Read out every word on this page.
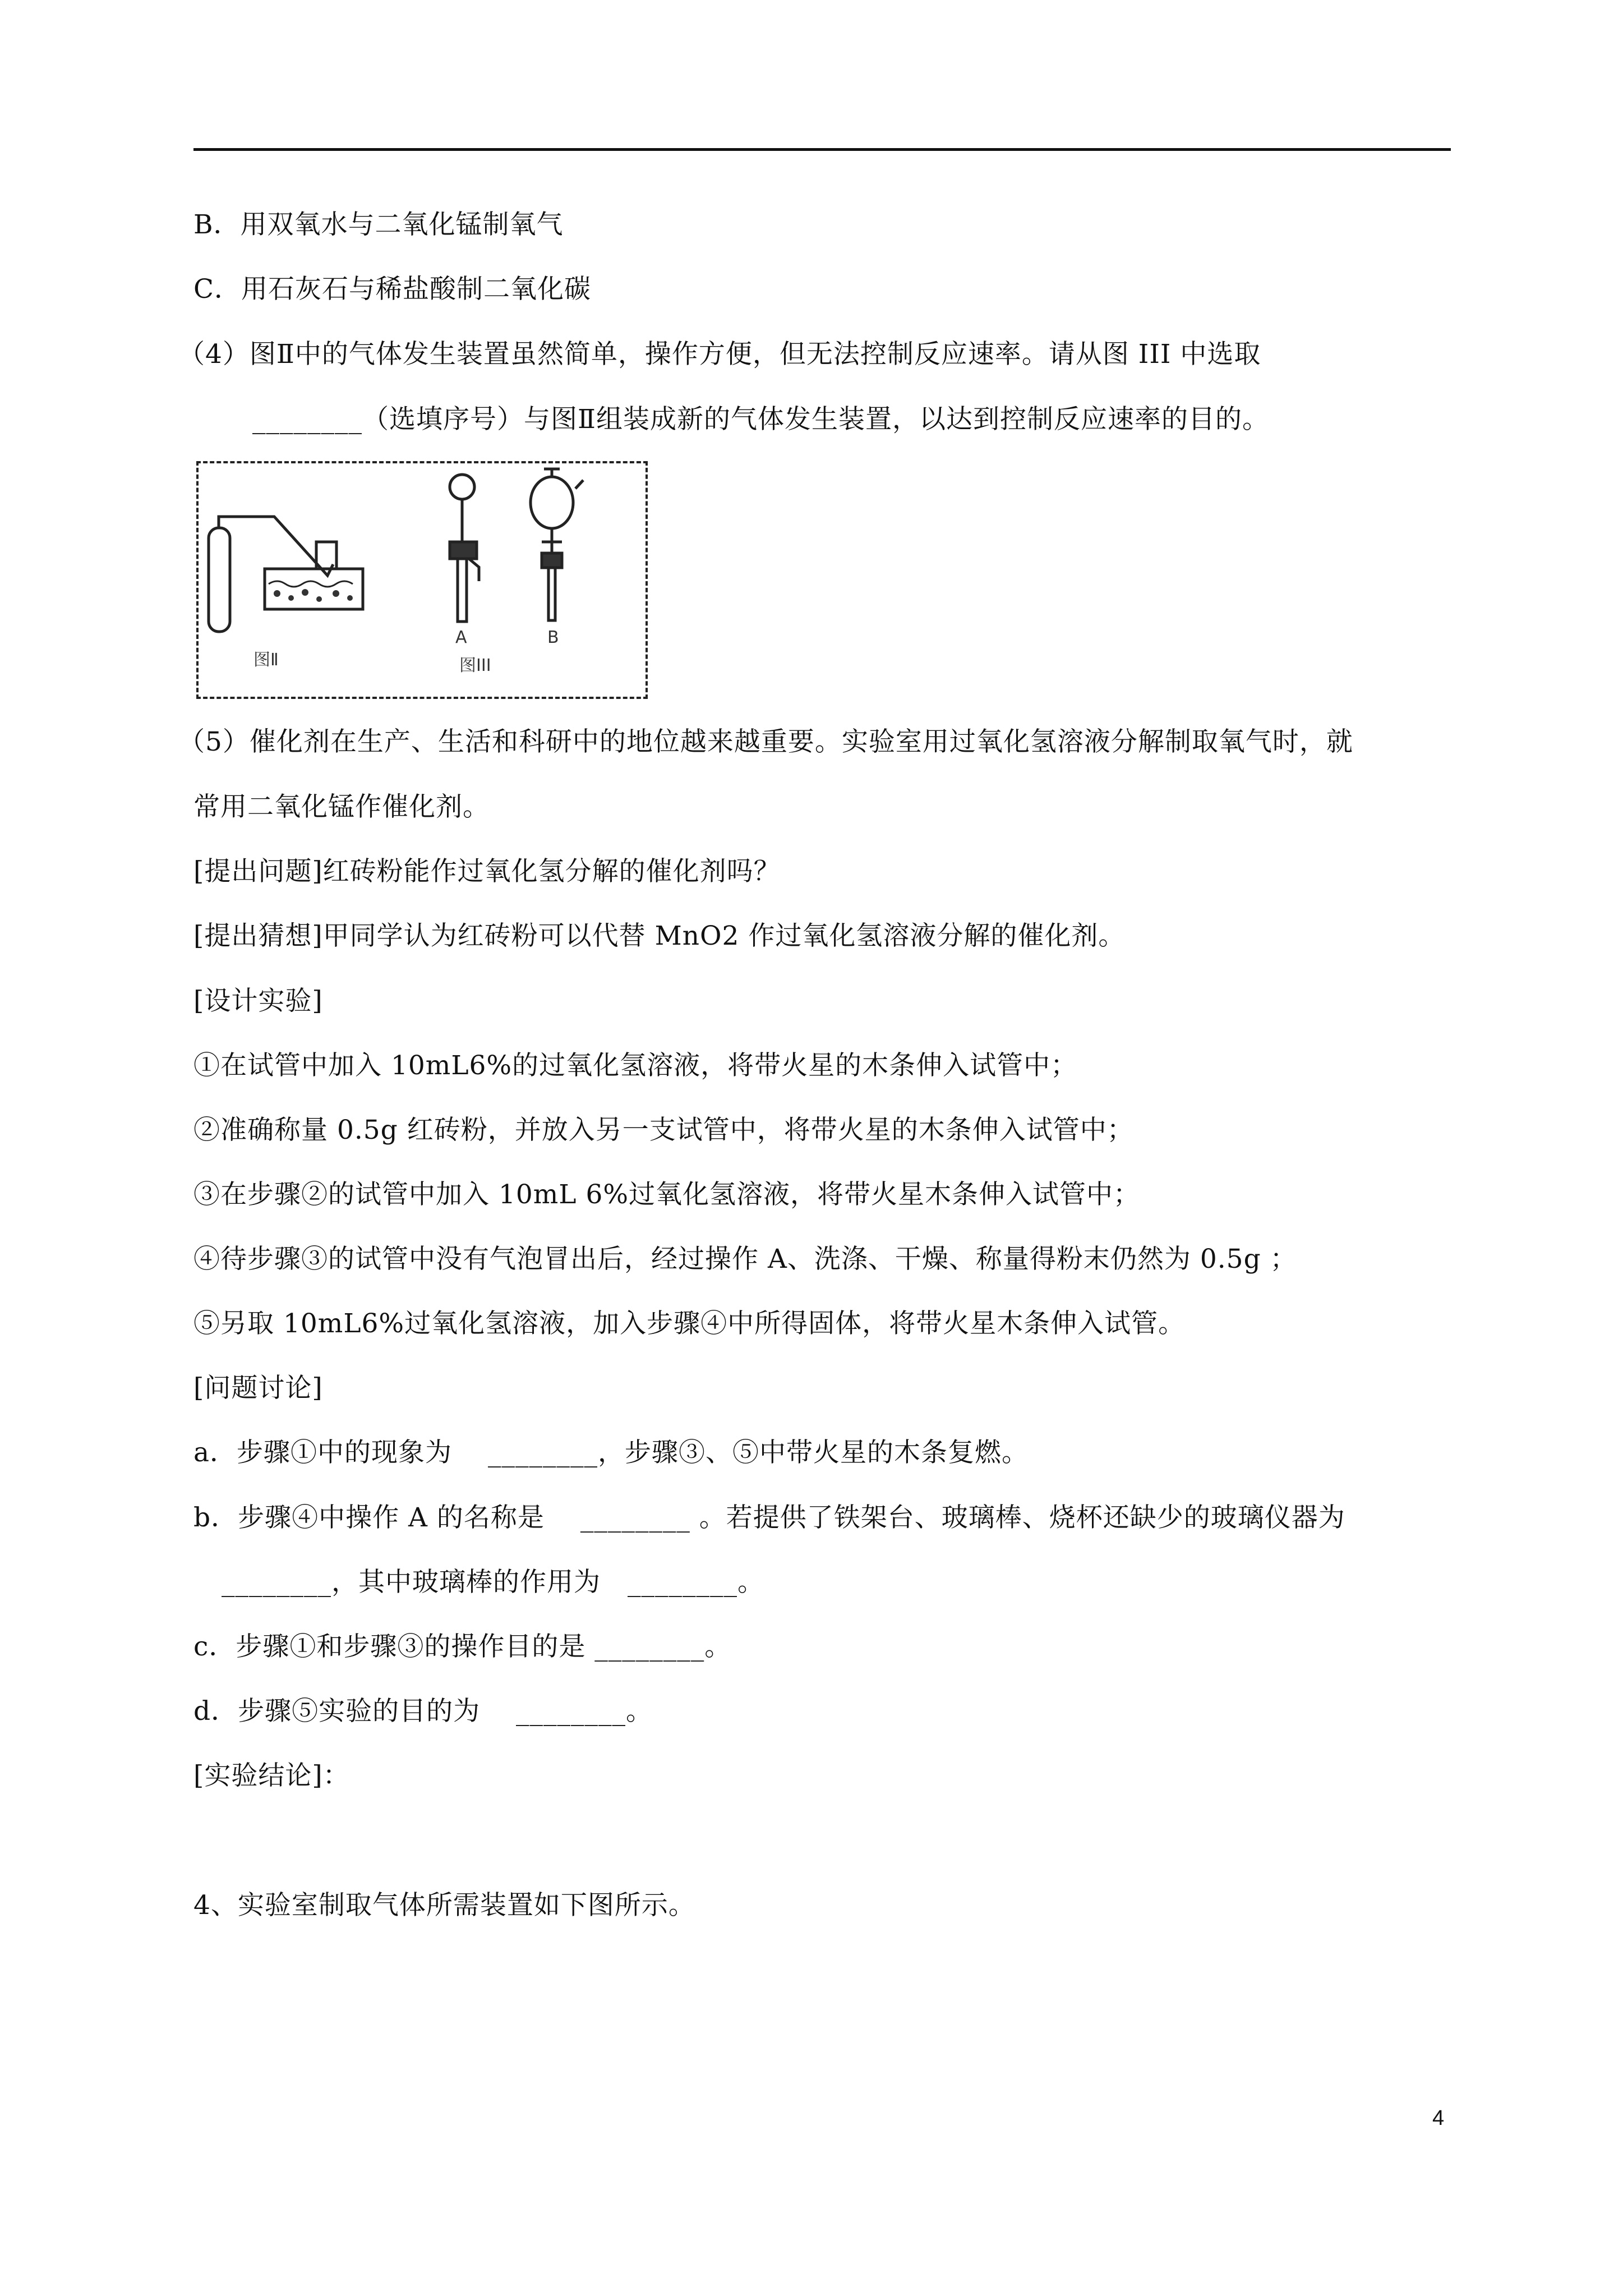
B．用双氧水与二氧化锰制氧气
C．用石灰石与稀盐酸制二氧化碳
（4）图Ⅱ中的气体发生装置虽然简单，操作方便，但无法控制反应速率。请从图 III 中选取
________（选填序号）与图Ⅱ组装成新的气体发生装置，以达到控制反应速率的目的。
图Ⅱ
A	B
图III
（5）催化剂在生产、生活和科研中的地位越来越重要。实验室用过氧化氢溶液分解制取氧气时，就
常用二氧化锰作催化剂。
[提出问题]红砖粉能作过氧化氢分解的催化剂吗？
[提出猜想]甲同学认为红砖粉可以代替 MnO2 作过氧化氢溶液分解的催化剂。
[设计实验]
①在试管中加入 10mL6%的过氧化氢溶液，将带火星的木条伸入试管中；
②准确称量 0.5g 红砖粉，并放入另一支试管中，将带火星的木条伸入试管中；
③在步骤②的试管中加入 10mL 6%过氧化氢溶液，将带火星木条伸入试管中；
④待步骤③的试管中没有气泡冒出后，经过操作 A、洗涤、干燥、称量得粉末仍然为 0.5g ；
⑤另取 10mL6%过氧化氢溶液，加入步骤④中所得固体，将带火星木条伸入试管。
[问题讨论]
a．步骤①中的现象为　 ________，步骤③、⑤中带火星的木条复燃。
b．步骤④中操作 A 的名称是　 ________ 。若提供了铁架台、玻璃棒、烧杯还缺少的玻璃仪器为
________，其中玻璃棒的作用为　________。
c．步骤①和步骤③的操作目的是 ________。
d．步骤⑤实验的目的为　 ________。
[实验结论]：
4、实验室制取气体所需装置如下图所示。
4
